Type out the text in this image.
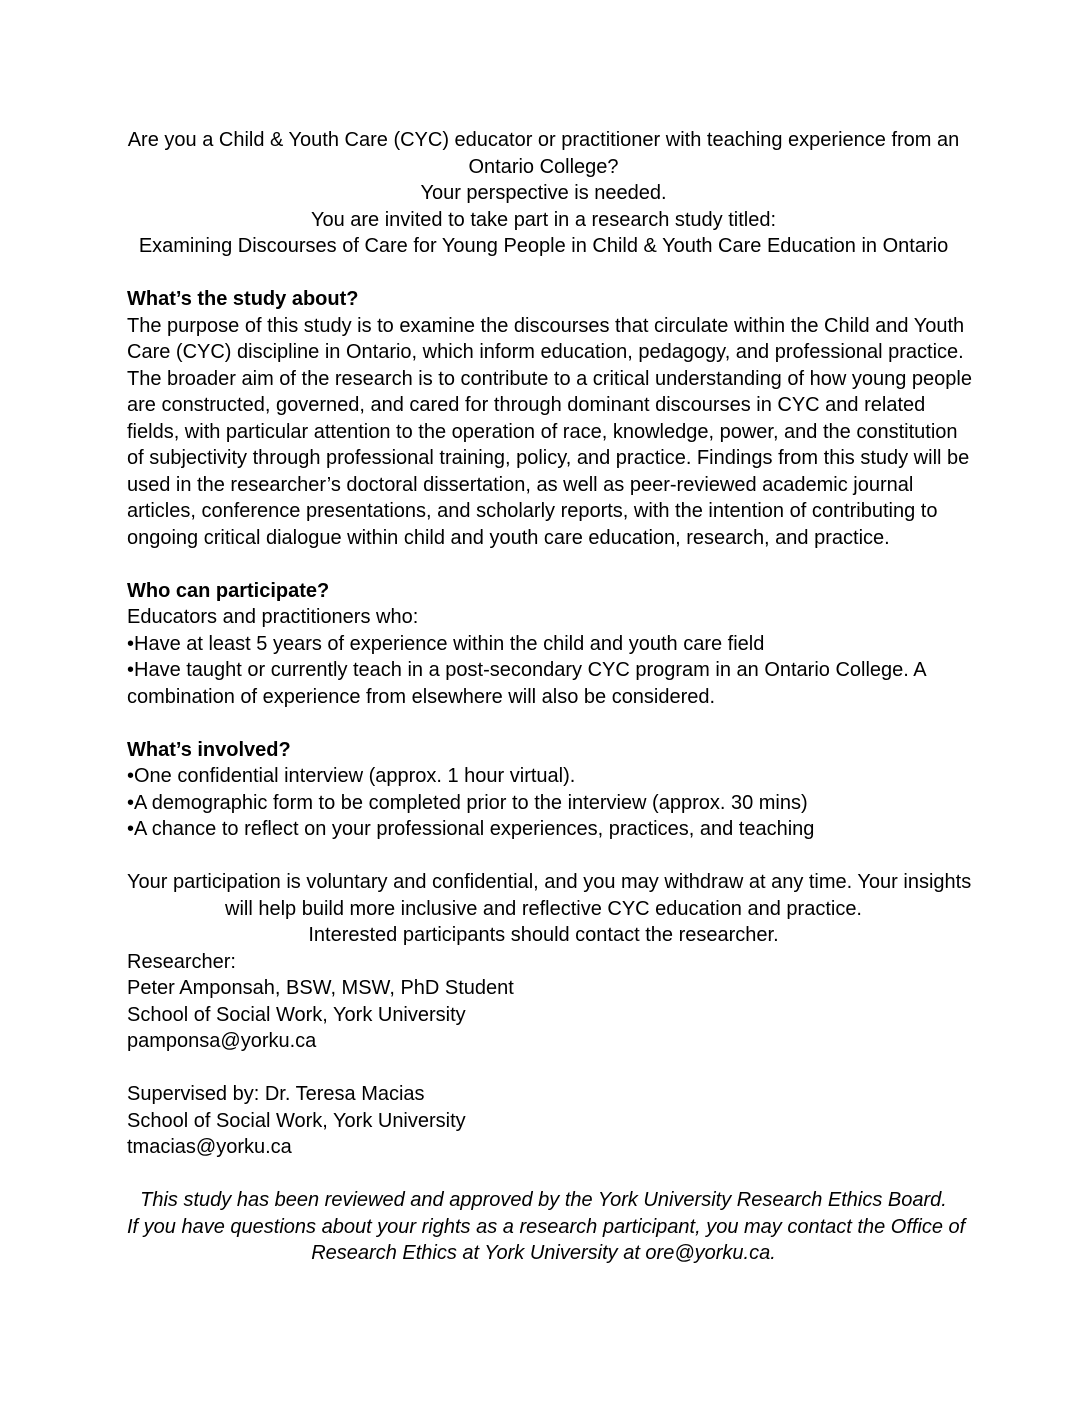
Are you a Child & Youth Care (CYC) educator or practitioner with teaching experience from an
Ontario College?
Your perspective is needed.
You are invited to take part in a research study titled:
Examining Discourses of Care for Young People in Child & Youth Care Education in Ontario
What’s the study about?
The purpose of this study is to examine the discourses that circulate within the Child and Youth
Care (CYC) discipline in Ontario, which inform education, pedagogy, and professional practice.
The broader aim of the research is to contribute to a critical understanding of how young people
are constructed, governed, and cared for through dominant discourses in CYC and related
fields, with particular attention to the operation of race, knowledge, power, and the constitution
of subjectivity through professional training, policy, and practice. Findings from this study will be
used in the researcher’s doctoral dissertation, as well as peer-reviewed academic journal
articles, conference presentations, and scholarly reports, with the intention of contributing to
ongoing critical dialogue within child and youth care education, research, and practice.
Who can participate?
Educators and practitioners who:
•Have at least 5 years of experience within the child and youth care field
•Have taught or currently teach in a post-secondary CYC program in an Ontario College. A
combination of experience from elsewhere will also be considered.
What’s involved?
•One confidential interview (approx. 1 hour virtual).
•A demographic form to be completed prior to the interview (approx. 30 mins)
•A chance to reflect on your professional experiences, practices, and teaching
Your participation is voluntary and confidential, and you may withdraw at any time. Your insights
will help build more inclusive and reflective CYC education and practice.
Interested participants should contact the researcher.
Researcher:
Peter Amponsah, BSW, MSW, PhD Student
School of Social Work, York University
pamponsa@yorku.ca
Supervised by: Dr. Teresa Macias
School of Social Work, York University
tmacias@yorku.ca
This study has been reviewed and approved by the York University Research Ethics Board.
If you have questions about your rights as a research participant, you may contact the Office of
Research Ethics at York University at ore@yorku.ca.
